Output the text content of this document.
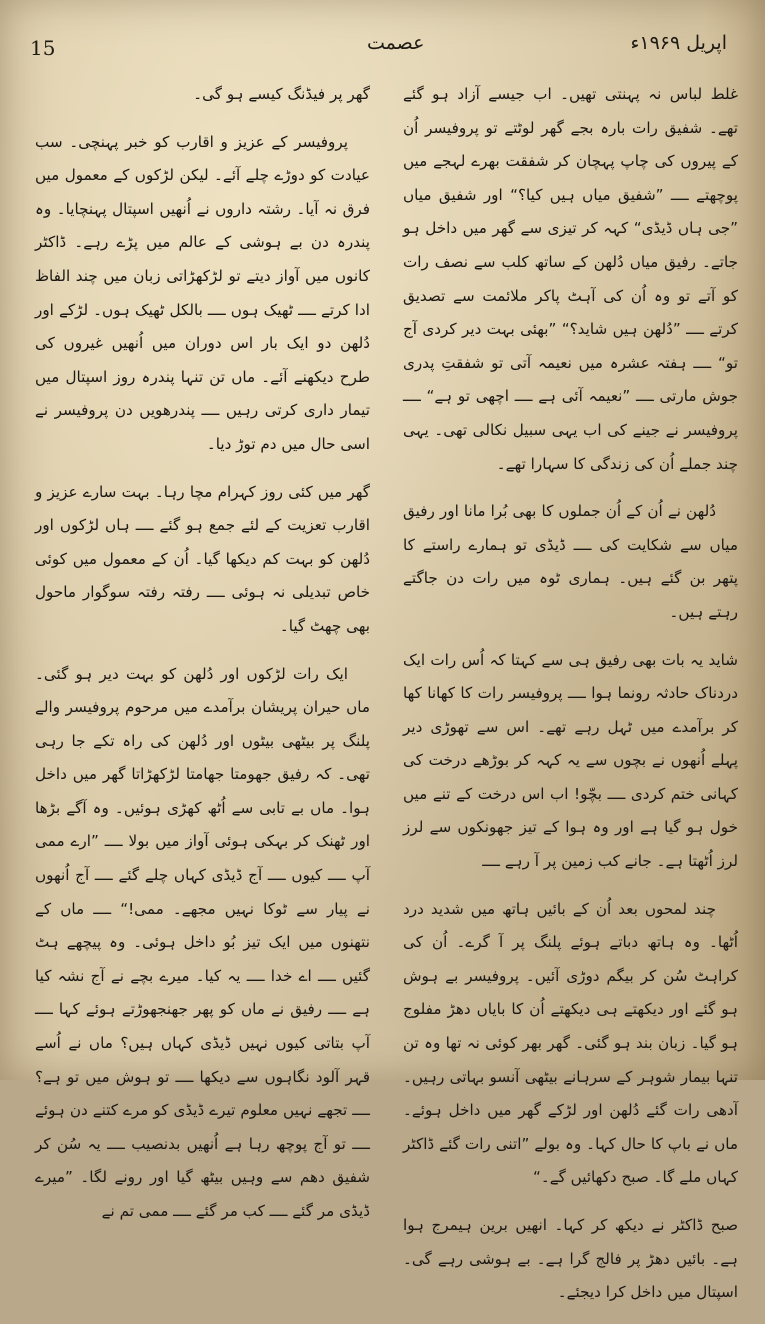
15	عصمت	اپریل ۱۹۶۹ء

غلط لباس نہ پہنتی تھیں۔ اب جیسے آزاد ہو گئے تھے۔ شفیق رات بارہ بجے گھر لوٹتے تو پروفیسر اُن کے پیروں کی چاپ پہچان کر شفقت بھرے لہجے میں پوچھتے ــــ ”شفیق میاں ہیں کیا؟“ اور شفیق میاں ”جی ہاں ڈیڈی“ کہہ کر تیزی سے گھر میں داخل ہو جاتے۔ رفیق میاں دُلھن کے ساتھ کلب سے نصف رات کو آتے تو وہ اُن کی آہٹ پاکر ملائمت سے تصدیق کرتے ــــ ”دُلھن ہیں شاید؟“ ”بھئی بہت دیر کردی آج تو“ ــــ ہفتہ عشرہ میں نعیمہ آتی تو شفقتِ پدری جوش مارتی ــــ ”نعیمہ آئی ہے ــــ اچھی تو ہے“ ــــ پروفیسر نے جینے کی اب یہی سبیل نکالی تھی۔ یہی چند جملے اُن کی زندگی کا سہارا تھے۔

دُلھن نے اُن کے اُن جملوں کا بھی بُرا مانا اور رفیق میاں سے شکایت کی ــــ ڈیڈی تو ہمارے راستے کا پتھر بن گئے ہیں۔ ہماری ٹوہ میں رات دن جاگتے رہتے ہیں۔

شاید یہ بات بھی رفیق ہی سے کہتا کہ اُس رات ایک دردناک حادثہ رونما ہوا ــــ پروفیسر رات کا کھانا کھا کر برآمدے میں ٹہل رہے تھے۔ اس سے تھوڑی دیر پہلے اُنھوں نے بچوں سے یہ کہہ کر بوڑھے درخت کی کہانی ختم کردی ــــ بچّو! اب اس درخت کے تنے میں خول ہو گیا ہے اور وہ ہوا کے تیز جھونکوں سے لرز لرز اُٹھتا ہے۔ جانے کب زمین پر آ رہے ــــ

چند لمحوں بعد اُن کے بائیں ہاتھ میں شدید درد اُٹھا۔ وہ ہاتھ دباتے ہوئے پلنگ پر آ گرے۔ اُن کی کراہٹ سُن کر بیگم دوڑی آئیں۔ پروفیسر بے ہوش ہو گئے اور دیکھتے ہی دیکھتے اُن کا بایاں دھڑ مفلوج ہو گیا۔ زبان بند ہو گئی۔ گھر بھر کوئی نہ تھا وہ تن تنہا بیمار شوہر کے سرہانے بیٹھی آنسو بہاتی رہیں۔ آدھی رات گئے دُلھن اور لڑکے گھر میں داخل ہوئے۔ ماں نے باپ کا حال کہا۔ وہ بولے ”اتنی رات گئے ڈاکٹر کہاں ملے گا۔ صبح دکھائیں گے۔“

صبح ڈاکٹر نے دیکھ کر کہا۔ انھیں برین ہیمرج ہوا ہے۔ بائیں دھڑ پر فالج گرا ہے۔ بے ہوشی رہے گی۔ اسپتال میں داخل کرا دیجئے۔

گھر پر فیڈنگ کیسے ہو گی۔

پروفیسر کے عزیز و اقارب کو خبر پہنچی۔ سب عیادت کو دوڑے چلے آئے۔ لیکن لڑکوں کے معمول میں فرق نہ آیا۔ رشتہ داروں نے اُنھیں اسپتال پہنچایا۔ وہ پندرہ دن بے ہوشی کے عالم میں پڑے رہے۔ ڈاکٹر کانوں میں آواز دیتے تو لڑکھڑاتی زبان میں چند الفاظ ادا کرتے ــــ ٹھیک ہوں ــــ بالکل ٹھیک ہوں۔ لڑکے اور دُلھن دو ایک بار اس دوران میں اُنھیں غیروں کی طرح دیکھنے آئے۔ ماں تن تنہا پندرہ روز اسپتال میں تیمار داری کرتی رہیں ــــ پندرھویں دن پروفیسر نے اسی حال میں دم توڑ دیا۔

گھر میں کئی روز کہرام مچا رہا۔ بہت سارے عزیز و اقارب تعزیت کے لئے جمع ہو گئے ــــ ہاں لڑکوں اور دُلھن کو بہت کم دیکھا گیا۔ اُن کے معمول میں کوئی خاص تبدیلی نہ ہوئی ــــ رفتہ رفتہ سوگوار ماحول بھی چھٹ گیا۔

ایک رات لڑکوں اور دُلھن کو بہت دیر ہو گئی۔ ماں حیران پریشان برآمدے میں مرحوم پروفیسر والے پلنگ پر بیٹھی بیٹوں اور دُلھن کی راہ تکے جا رہی تھی۔ کہ رفیق جھومتا جھامتا لڑکھڑاتا گھر میں داخل ہوا۔ ماں بے تابی سے اُٹھ کھڑی ہوئیں۔ وہ آگے بڑھا اور ٹھنک کر بہکی ہوئی آواز میں بولا ــــ ”ارے ممی آپ ــــ کیوں ــــ آج ڈیڈی کہاں چلے گئے ــــ آج اُنھوں نے پیار سے ٹوکا نہیں مجھے۔ ممی!“ ــــ ماں کے نتھنوں میں ایک تیز بُو داخل ہوئی۔ وہ پیچھے ہٹ گئیں ــــ اے خدا ــــ یہ کیا۔ میرے بچے نے آج نشہ کیا ہے ــــ رفیق نے ماں کو پھر جھنجھوڑتے ہوئے کہا ــــ آپ بتاتی کیوں نہیں ڈیڈی کہاں ہیں؟ ماں نے اُسے قہر آلود نگاہوں سے دیکھا ــــ تو ہوش میں تو ہے؟ ــــ تجھے نہیں معلوم تیرے ڈیڈی کو مرے کتنے دن ہوئے ــــ تو آج پوچھ رہا ہے اُنھیں بدنصیب ــــ یہ سُن کر شفیق دھم سے وہیں بیٹھ گیا اور رونے لگا۔ ”میرے ڈیڈی مر گئے ــــ کب مر گئے ــــ ممی تم نے
